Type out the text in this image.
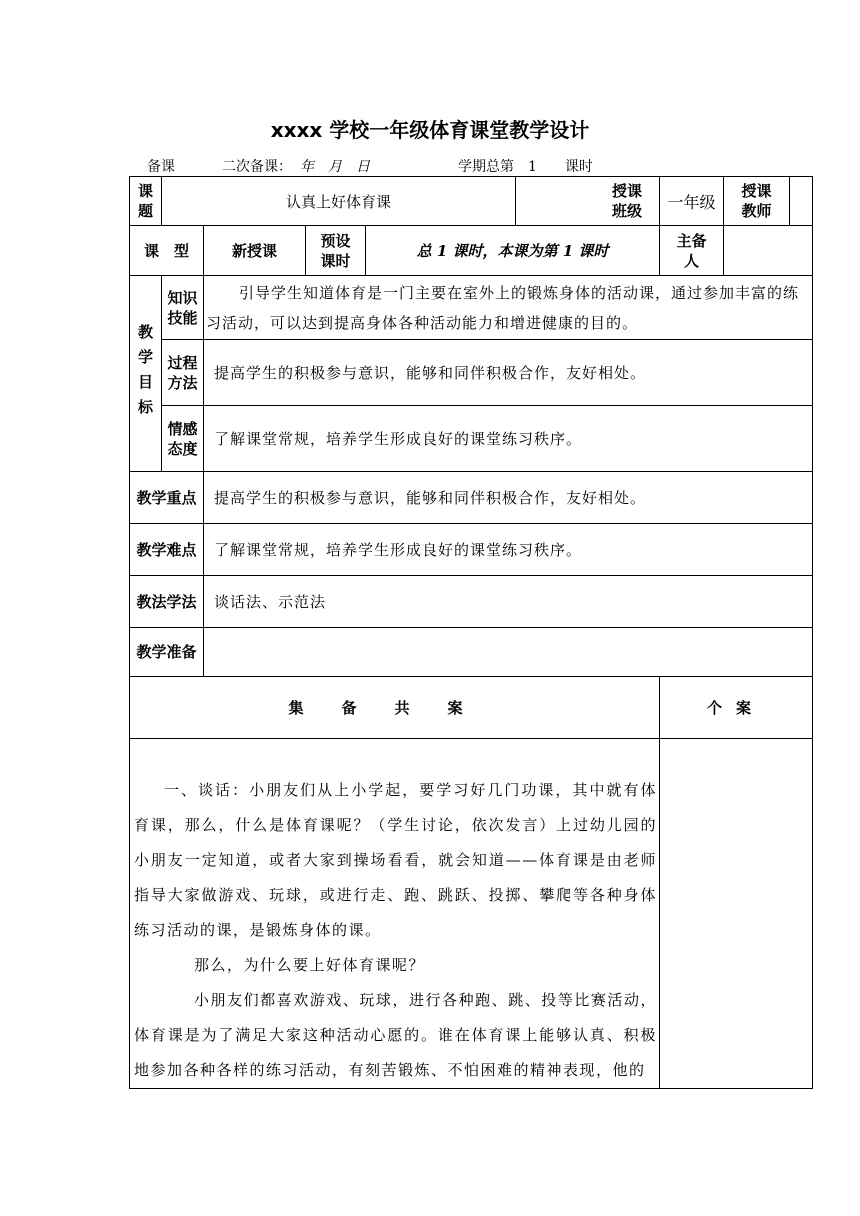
xxxx 学校一年级体育课堂教学设计
备课	二次备课： 年　月　日	学期总第　1　　课时
课题	认真上好体育课				授课班级	一年级	授课教师	

课　型		新授课	预设课时	总 1 课时，本课为第 1 课时		主备人		

教学目标	知识技能	引导学生知道体育是一门主要在室外上的锻炼身体的活动课，通过参加丰富的练习活动，可以达到提高身体各种活动能力和增进健康的目的。						

	过程方法	提高学生的积极参与意识，能够和同伴积极合作，友好相处。						

	情感态度	了解课堂常规，培养学生形成良好的课堂练习秩序。						
教学重点		提高学生的积极参与意识，能够和同伴积极合作，友好相处。						
教学难点		了解课堂常规，培养学生形成良好的课堂练习秩序。						
教法学法		谈话法、示范法						
教学准备								
集备共案						个案		

一、谈话：小朋友们从上小学起，要学习好几门功课，其中就有体育课，那么，什么是体育课呢？（学生讨论，依次发言）上过幼儿园的小朋友一定知道，或者大家到操场看看，就会知道——体育课是由老师指导大家做游戏、玩球，或进行走、跑、跳跃、投掷、攀爬等各种身体练习活动的课，是锻炼身体的课。

那么，为什么要上好体育课呢？

小朋友们都喜欢游戏、玩球，进行各种跑、跳、投等比赛活动，体育课是为了满足大家这种活动心愿的。谁在体育课上能够认真、积极地参加各种各样的练习活动，有刻苦锻炼、不怕困难的精神表现，他的								
